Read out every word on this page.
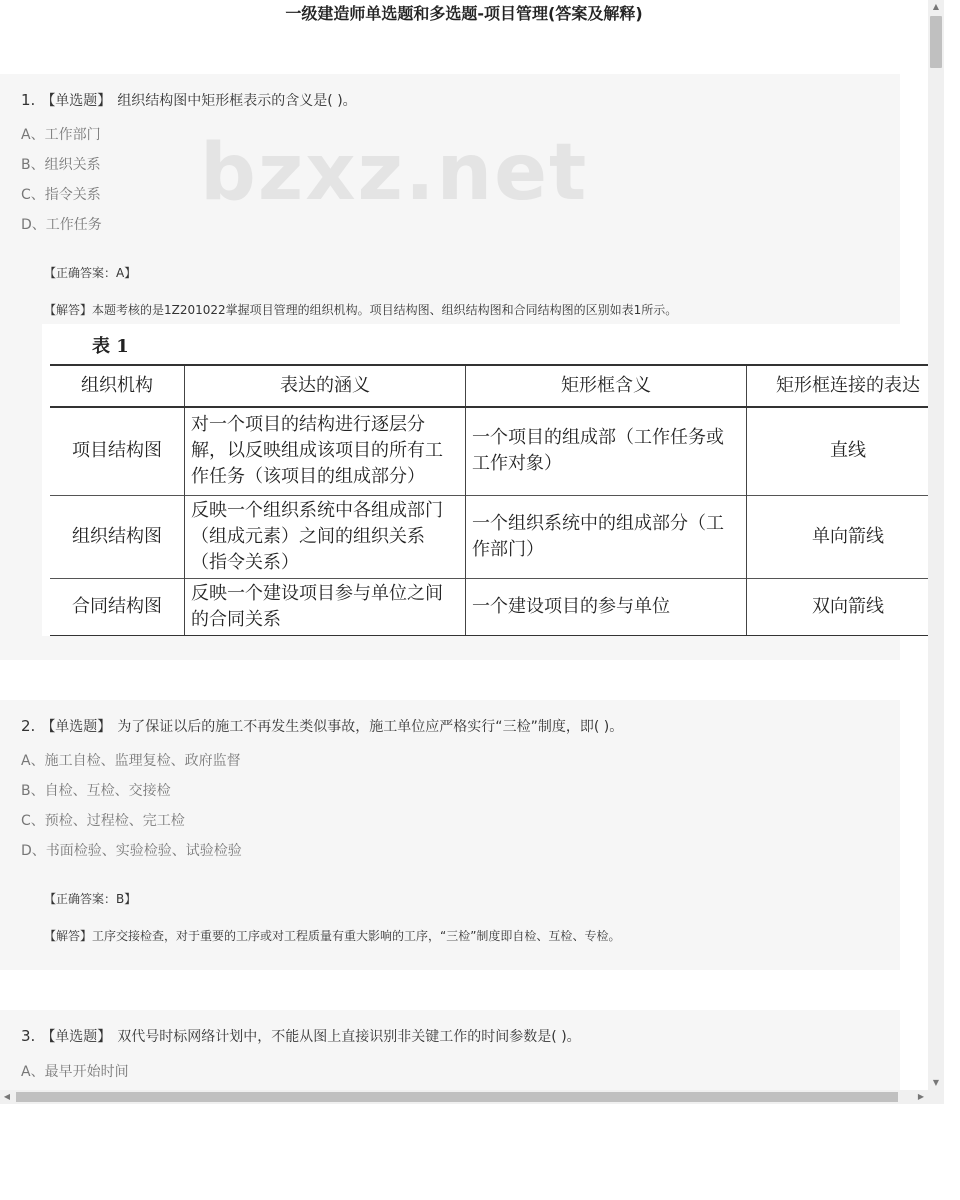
一级建造师单选题和多选题-项目管理(答案及解释)
1. 【单选题】 组织结构图中矩形框表示的含义是( )。
A、工作部门
B、组织关系
C、指令关系
D、工作任务
【正确答案：A】
【解答】本题考核的是1Z201022掌握项目管理的组织机构。项目结构图、组织结构图和合同结构图的区别如表1所示。
bzxz.net
表 1
组织机构	表达的涵义	矩形框含义	矩形框连接的表达
项目结构图	对一个项目的结构进行逐层分解，以反映组成该项目的所有工作任务（该项目的组成部分）	一个项目的组成部（工作任务或工作对象）	直线
组织结构图	反映一个组织系统中各组成部门（组成元素）之间的组织关系（指令关系）	一个组织系统中的组成部分（工作部门）	单向箭线
合同结构图	反映一个建设项目参与单位之间的合同关系	一个建设项目的参与单位	双向箭线
2. 【单选题】 为了保证以后的施工不再发生类似事故，施工单位应严格实行“三检”制度，即( )。
A、施工自检、监理复检、政府监督
B、自检、互检、交接检
C、预检、过程检、完工检
D、书面检验、实验检验、试验检验
【正确答案：B】
【解答】工序交接检查，对于重要的工序或对工程质量有重大影响的工序，“三检”制度即自检、互检、专检。
3. 【单选题】 双代号时标网络计划中，不能从图上直接识别非关键工作的时间参数是( )。
A、最早开始时间
▲
▼
◀	▶
